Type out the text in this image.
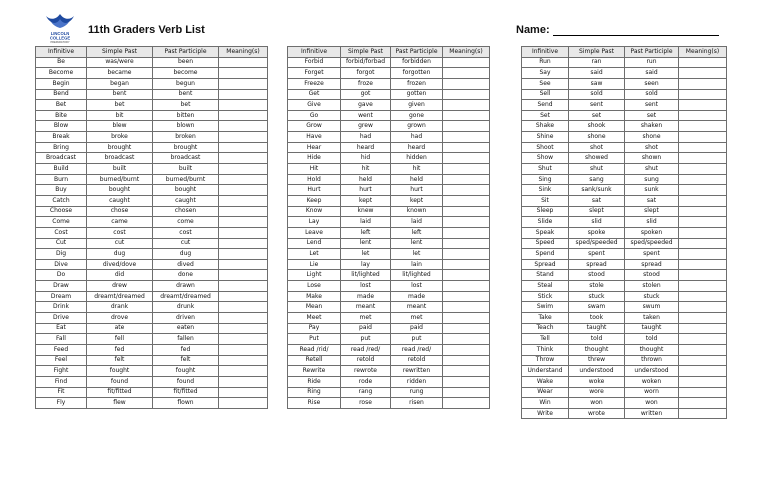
LINCOLN
COLLEGE
PREPARATORY
11th Graders Verb List	Name:
Infinitive	Simple Past	Past Participle	Meaning(s)
Be	was/were	been	
Become	became	become	
Begin	began	begun	
Bend	bent	bent	
Bet	bet	bet	
Bite	bit	bitten	
Blow	blew	blown	
Break	broke	broken	
Bring	brought	brought	
Broadcast	broadcast	broadcast	
Build	built	built	
Burn	burned/burnt	burned/burnt	
Buy	bought	bought	
Catch	caught	caught	
Choose	chose	chosen	
Come	came	come	
Cost	cost	cost	
Cut	cut	cut	
Dig	dug	dug	
Dive	dived/dove	dived	
Do	did	done	
Draw	drew	drawn	
Dream	dreamt/dreamed	dreamt/dreamed	
Drink	drank	drunk	
Drive	drove	driven	
Eat	ate	eaten	
Fall	fell	fallen	
Feed	fed	fed	
Feel	felt	felt	
Fight	fought	fought	
Find	found	found	
Fit	fit/fitted	fit/fitted	
Fly	flew	flown	
Infinitive	Simple Past	Past Participle	Meaning(s)
Forbid	forbid/forbad	forbidden	
Forget	forgot	forgotten	
Freeze	froze	frozen	
Get	got	gotten	
Give	gave	given	
Go	went	gone	
Grow	grew	grown	
Have	had	had	
Hear	heard	heard	
Hide	hid	hidden	
Hit	hit	hit	
Hold	held	held	
Hurt	hurt	hurt	
Keep	kept	kept	
Know	knew	known	
Lay	laid	laid	
Leave	left	left	
Lend	lent	lent	
Let	let	let	
Lie	lay	lain	
Light	lit/lighted	lit/lighted	
Lose	lost	lost	
Make	made	made	
Mean	meant	meant	
Meet	met	met	
Pay	paid	paid	
Put	put	put	
Read /rid/	read /red/	read /red/	
Retell	retold	retold	
Rewrite	rewrote	rewritten	
Ride	rode	ridden	
Ring	rang	rung	
Rise	rose	risen	
Infinitive	Simple Past	Past Participle	Meaning(s)
Run	ran	run	
Say	said	said	
See	saw	seen	
Sell	sold	sold	
Send	sent	sent	
Set	set	set	
Shake	shook	shaken	
Shine	shone	shone	
Shoot	shot	shot	
Show	showed	shown	
Shut	shut	shut	
Sing	sang	sung	
Sink	sank/sunk	sunk	
Sit	sat	sat	
Sleep	slept	slept	
Slide	slid	slid	
Speak	spoke	spoken	
Speed	sped/speeded	sped/speeded	
Spend	spent	spent	
Spread	spread	spread	
Stand	stood	stood	
Steal	stole	stolen	
Stick	stuck	stuck	
Swim	swam	swum	
Take	took	taken	
Teach	taught	taught	
Tell	told	told	
Think	thought	thought	
Throw	threw	thrown	
Understand	understood	understood	
Wake	woke	woken	
Wear	wore	worn	
Win	won	won	
Write	wrote	written	
